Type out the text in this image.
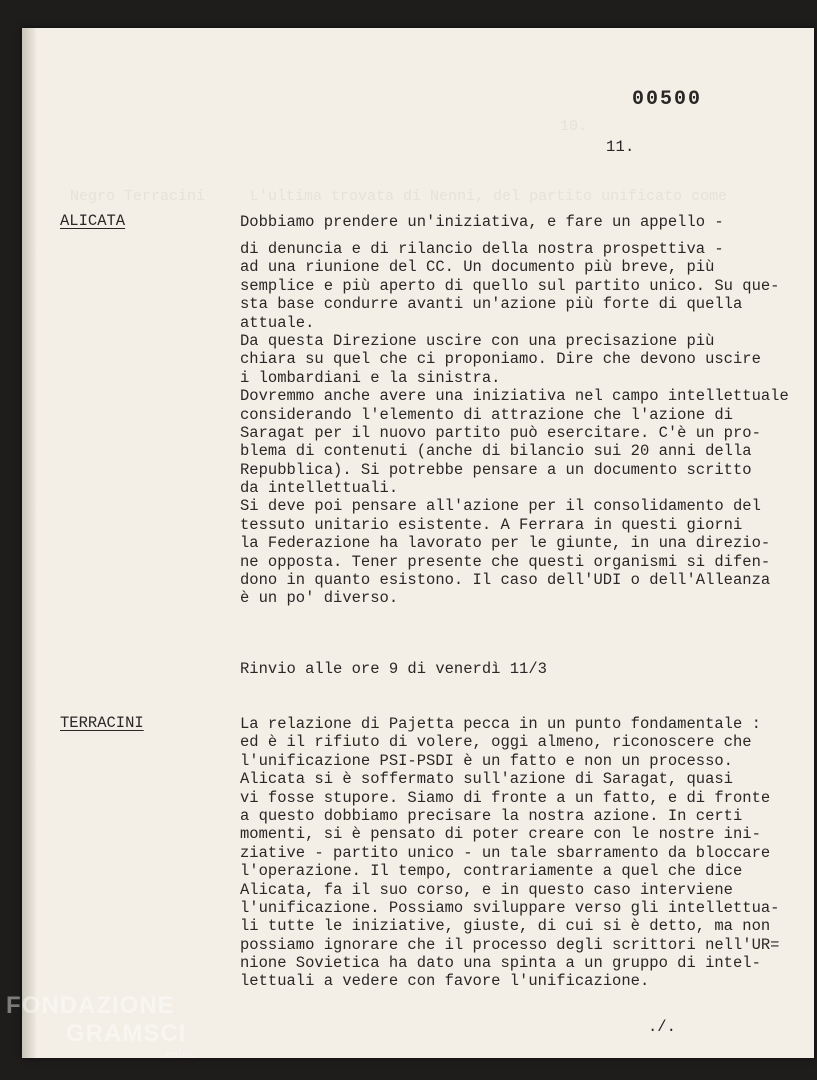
00500
11.
Negro Terracini     L'ultima trovata di Nenni, del partito unificato come
10.
ALICATA	Dobbiamo prendere un'iniziativa, e fare un appello -
di denuncia e di rilancio della nostra prospettiva -
ad una riunione del CC. Un documento più breve, più
semplice e più aperto di quello sul partito unico. Su que-
sta base condurre avanti un'azione più forte di quella
attuale.
Da questa Direzione uscire con una precisazione più
chiara su quel che ci proponiamo. Dire che devono uscire
i lombardiani e la sinistra.
Dovremmo anche avere una iniziativa nel campo intellettuale
considerando l'elemento di attrazione che l'azione di
Saragat per il nuovo partito può esercitare. C'è un pro-
blema di contenuti (anche di bilancio sui 20 anni della
Repubblica). Si potrebbe pensare a un documento scritto
da intellettuali.
Si deve poi pensare all'azione per il consolidamento del
tessuto unitario esistente. A Ferrara in questi giorni
la Federazione ha lavorato per le giunte, in una direzio-
ne opposta. Tener presente che questi organismi si difen-
dono in quanto esistono. Il caso dell'UDI o dell'Alleanza
è un po' diverso.
Rinvio alle ore 9 di venerdì 11/3
TERRACINI	La relazione di Pajetta pecca in un punto fondamentale :
ed è il rifiuto di volere, oggi almeno, riconoscere che
l'unificazione PSI-PSDI è un fatto e non un processo.
Alicata si è soffermato sull'azione di Saragat, quasi
vi fosse stupore. Siamo di fronte a un fatto, e di fronte
a questo dobbiamo precisare la nostra azione. In certi
momenti, si è pensato di poter creare con le nostre ini-
ziative - partito unico - un tale sbarramento da bloccare
l'operazione. Il tempo, contrariamente a quel che dice
Alicata, fa il suo corso, e in questo caso interviene
l'unificazione. Possiamo sviluppare verso gli intellettua-
li tutte le iniziative, giuste, di cui si è detto, ma non
possiamo ignorare che il processo degli scrittori nell'UR=
nione Sovietica ha dato una spinta a un gruppo di intel-
lettuali a vedere con favore l'unificazione.
./.
FONDAZIONE
GRAMSCI
onlus
